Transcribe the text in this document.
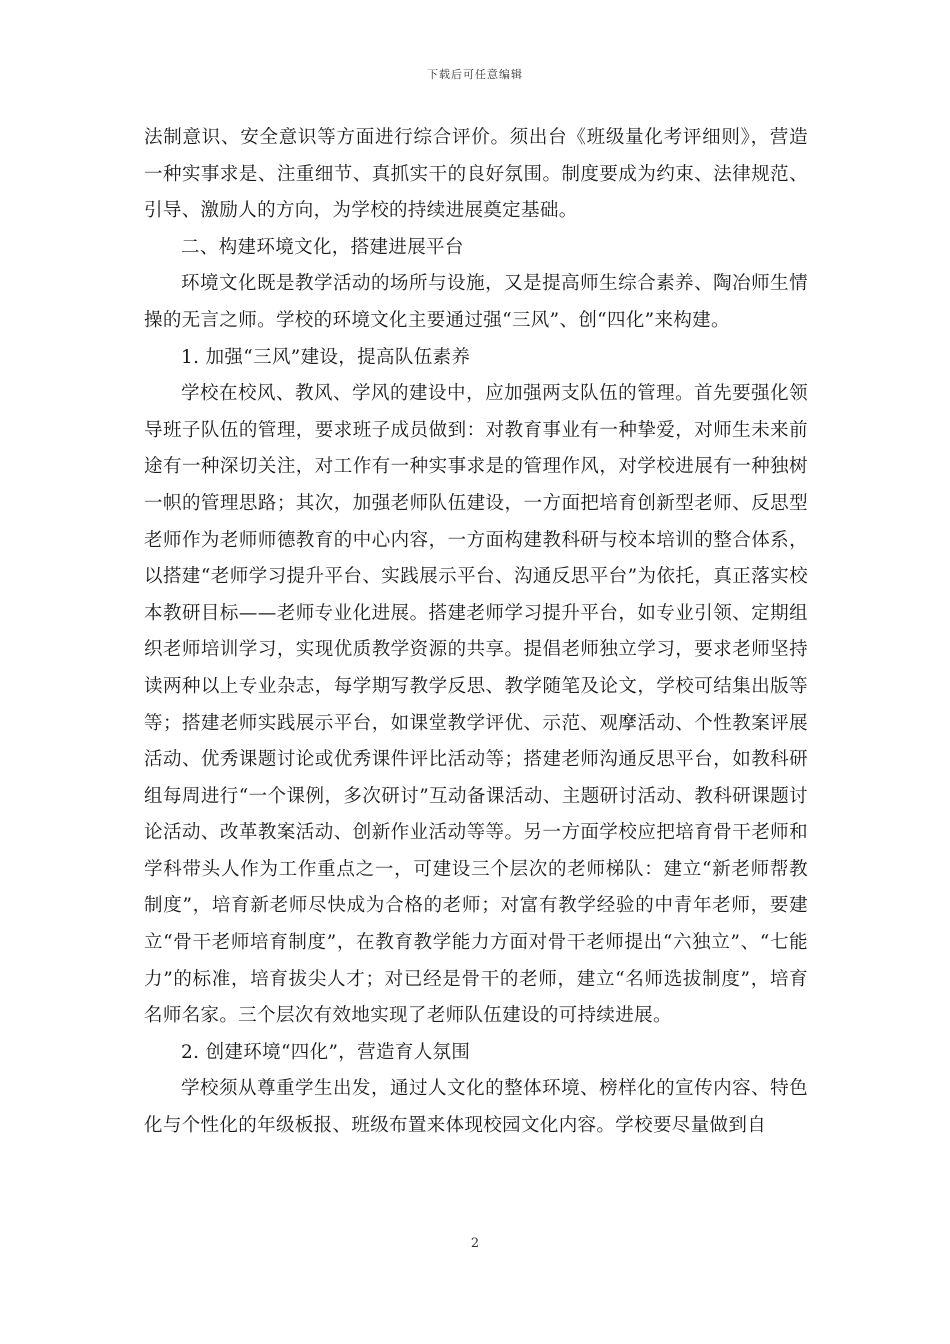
下载后可任意编辑

法制意识、安全意识等方面进行综合评价。须出台《班级量化考评细则》，营造一种实事求是、注重细节、真抓实干的良好氛围。制度要成为约束、法律规范、引导、激励人的方向，为学校的持续进展奠定基础。

二、构建环境文化，搭建进展平台

环境文化既是教学活动的场所与设施，又是提高师生综合素养、陶冶师生情操的无言之师。学校的环境文化主要通过强“三风”、创“四化”来构建。

1. 加强“三风”建设，提高队伍素养

学校在校风、教风、学风的建设中，应加强两支队伍的管理。首先要强化领导班子队伍的管理，要求班子成员做到：对教育事业有一种挚爱，对师生未来前途有一种深切关注，对工作有一种实事求是的管理作风，对学校进展有一种独树一帜的管理思路；其次，加强老师队伍建设，一方面把培育创新型老师、反思型老师作为老师师德教育的中心内容，一方面构建教科研与校本培训的整合体系，以搭建“老师学习提升平台、实践展示平台、沟通反思平台”为依托，真正落实校本教研目标——老师专业化进展。搭建老师学习提升平台，如专业引领、定期组织老师培训学习，实现优质教学资源的共享。提倡老师独立学习，要求老师坚持读两种以上专业杂志，每学期写教学反思、教学随笔及论文，学校可结集出版等等；搭建老师实践展示平台，如课堂教学评优、示范、观摩活动、个性教案评展活动、优秀课题讨论或优秀课件评比活动等；搭建老师沟通反思平台，如教科研组每周进行“一个课例，多次研讨”互动备课活动、主题研讨活动、教科研课题讨论活动、改革教案活动、创新作业活动等等。另一方面学校应把培育骨干老师和学科带头人作为工作重点之一，可建设三个层次的老师梯队：建立“新老师帮教制度”，培育新老师尽快成为合格的老师；对富有教学经验的中青年老师，要建立“骨干老师培育制度”，在教育教学能力方面对骨干老师提出“六独立”、“七能力”的标准，培育拔尖人才；对已经是骨干的老师，建立“名师选拔制度”，培育名师名家。三个层次有效地实现了老师队伍建设的可持续进展。

2. 创建环境“四化”，营造育人氛围

学校须从尊重学生出发，通过人文化的整体环境、榜样化的宣传内容、特色化与个性化的年级板报、班级布置来体现校园文化内容。学校要尽量做到自

2
